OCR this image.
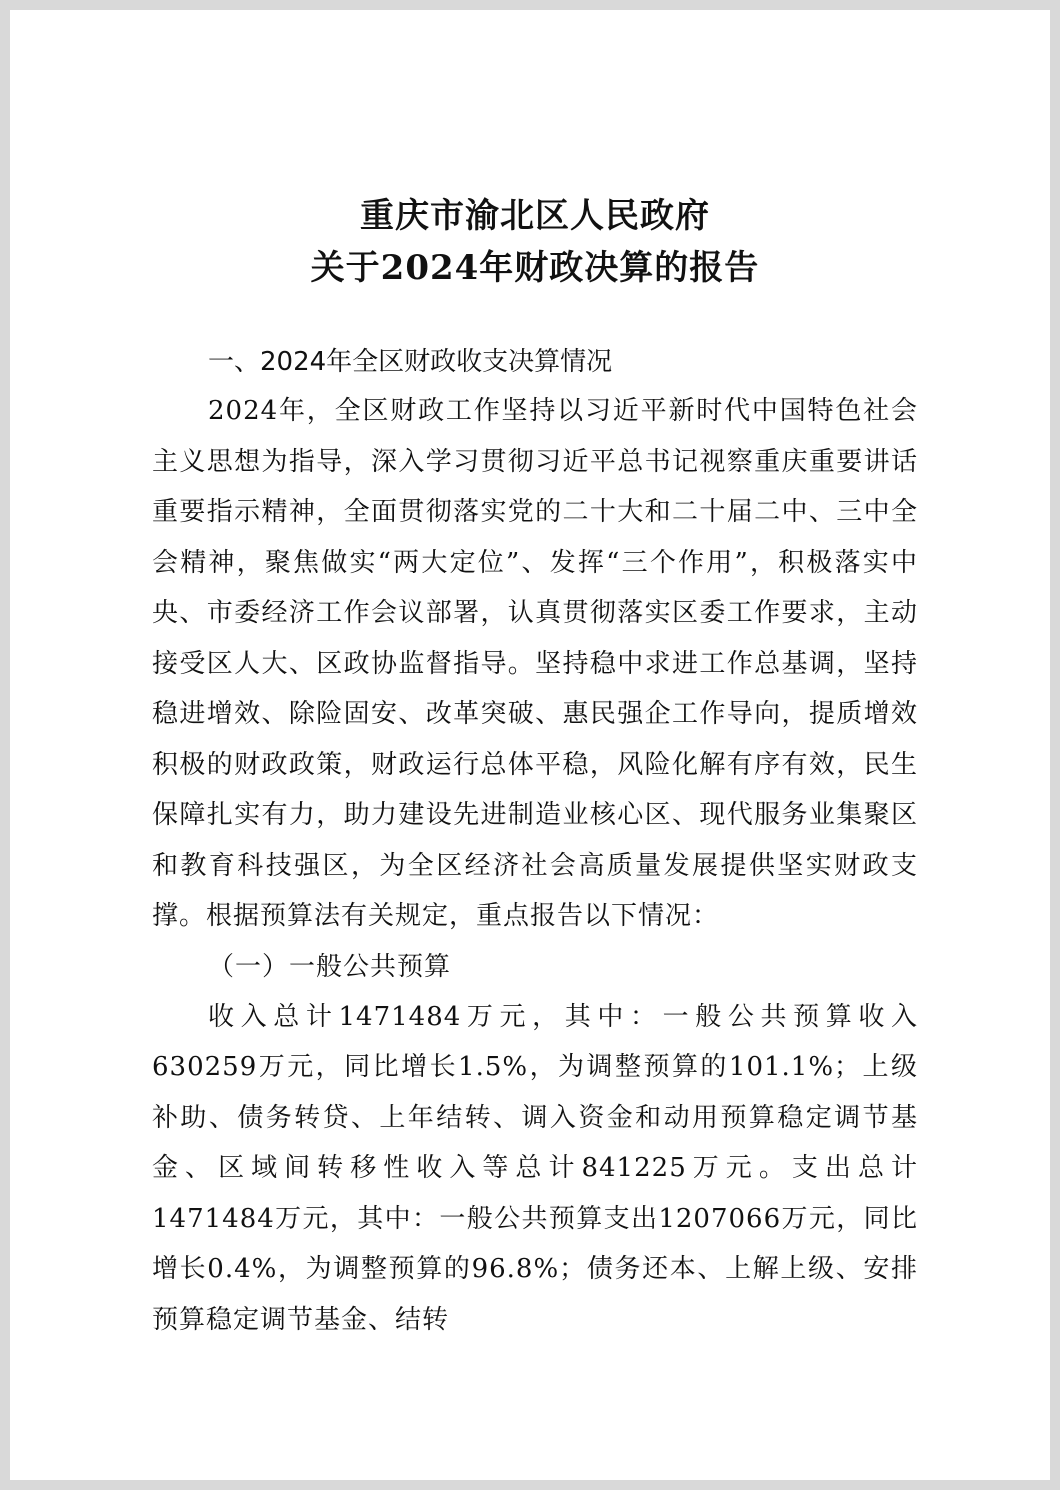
重庆市渝北区人民政府
关于2024年财政决算的报告

一、2024年全区财政收支决算情况

2024年，全区财政工作坚持以习近平新时代中国特色社会主义思想为指导，深入学习贯彻习近平总书记视察重庆重要讲话重要指示精神，全面贯彻落实党的二十大和二十届二中、三中全会精神，聚焦做实“两大定位”、发挥“三个作用”，积极落实中央、市委经济工作会议部署，认真贯彻落实区委工作要求，主动接受区人大、区政协监督指导。坚持稳中求进工作总基调，坚持稳进增效、除险固安、改革突破、惠民强企工作导向，提质增效积极的财政政策，财政运行总体平稳，风险化解有序有效，民生保障扎实有力，助力建设先进制造业核心区、现代服务业集聚区和教育科技强区，为全区经济社会高质量发展提供坚实财政支撑。根据预算法有关规定，重点报告以下情况：

（一）一般公共预算

收入总计1471484万元，其中：一般公共预算收入630259万元，同比增长1.5%，为调整预算的101.1%；上级补助、债务转贷、上年结转、调入资金和动用预算稳定调节基金、区域间转移性收入等总计841225万元。支出总计1471484万元，其中：一般公共预算支出1207066万元，同比增长0.4%，为调整预算的96.8%；债务还本、上解上级、安排预算稳定调节基金、结转
